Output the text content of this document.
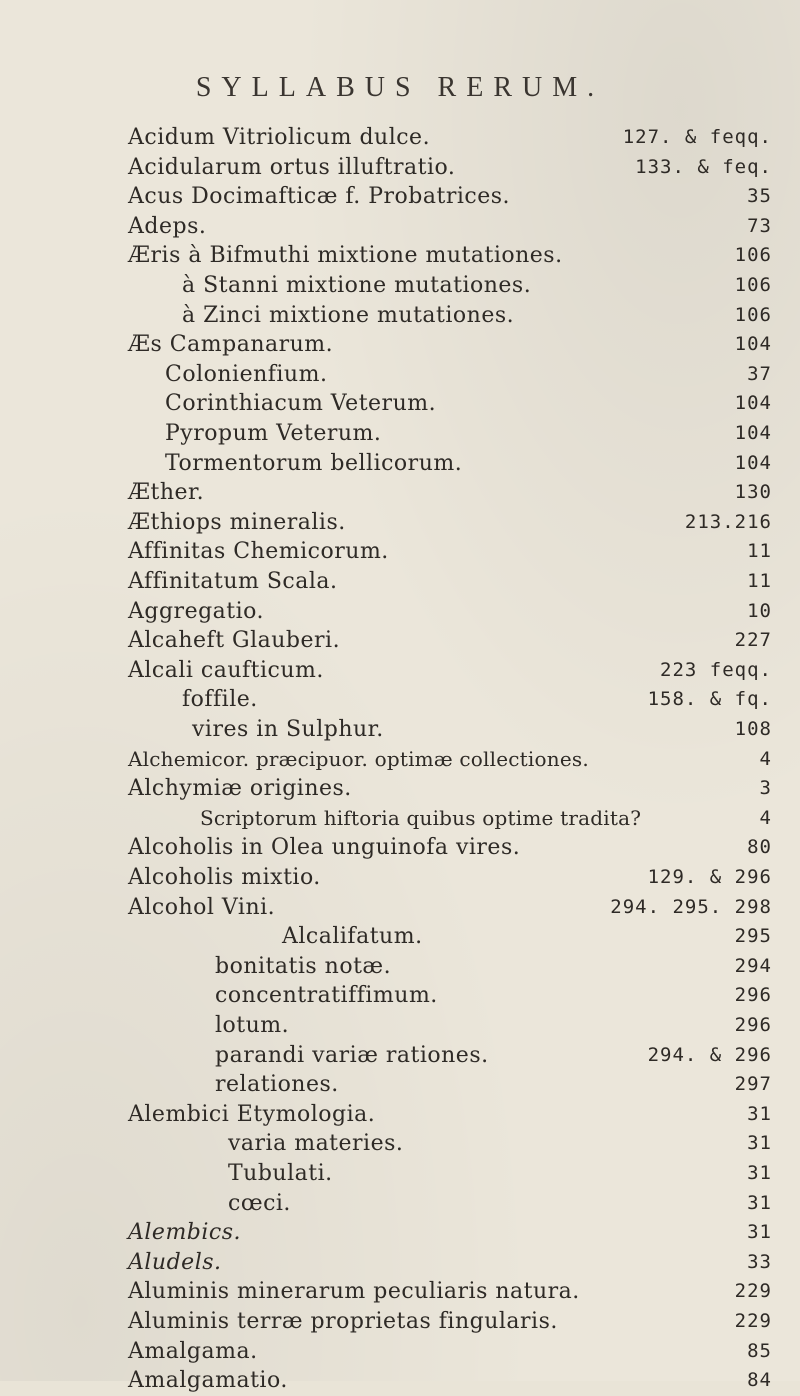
SYLLABUS RERUM.
Acidum Vitriolicum dulce.	127. & feqq.
Acidularum ortus illuftratio.	133. & feq.
Acus Docimafticæ f. Probatrices.	35
Adeps.	73
Æris à Bifmuthi mixtione mutationes.	106
à Stanni mixtione mutationes.	106
à Zinci mixtione mutationes.	106
Æs Campanarum.	104
Colonienfium.	37
Corinthiacum Veterum.	104
Pyropum Veterum.	104
Tormentorum bellicorum.	104
Æther.	130
Æthiops mineralis.	213.216
Affinitas Chemicorum.	11
Affinitatum Scala.	11
Aggregatio.	10
Alcaheft Glauberi.	227
Alcali caufticum.	223 feqq.
foffile.	158. & fq.
vires in Sulphur.	108
Alchemicor. præcipuor. optimæ collectiones.	4
Alchymiæ origines.	3
Scriptorum hiftoria quibus optime tradita?	4
Alcoholis in Olea unguinofa vires.	80
Alcoholis mixtio.	129. & 296
Alcohol Vini.	294. 295. 298
Alcalifatum.	295
bonitatis notæ.	294
concentratiffimum.	296
lotum.	296
parandi variæ rationes.	294. & 296
relationes.	297
Alembici Etymologia.	31
varia materies.	31
Tubulati.	31
cœci.	31
Alembics.	31
Aludels.	33
Aluminis minerarum peculiaris natura.	229
Aluminis terræ proprietas fingularis.	229
Amalgama.	85
Amalgamatio.	84
